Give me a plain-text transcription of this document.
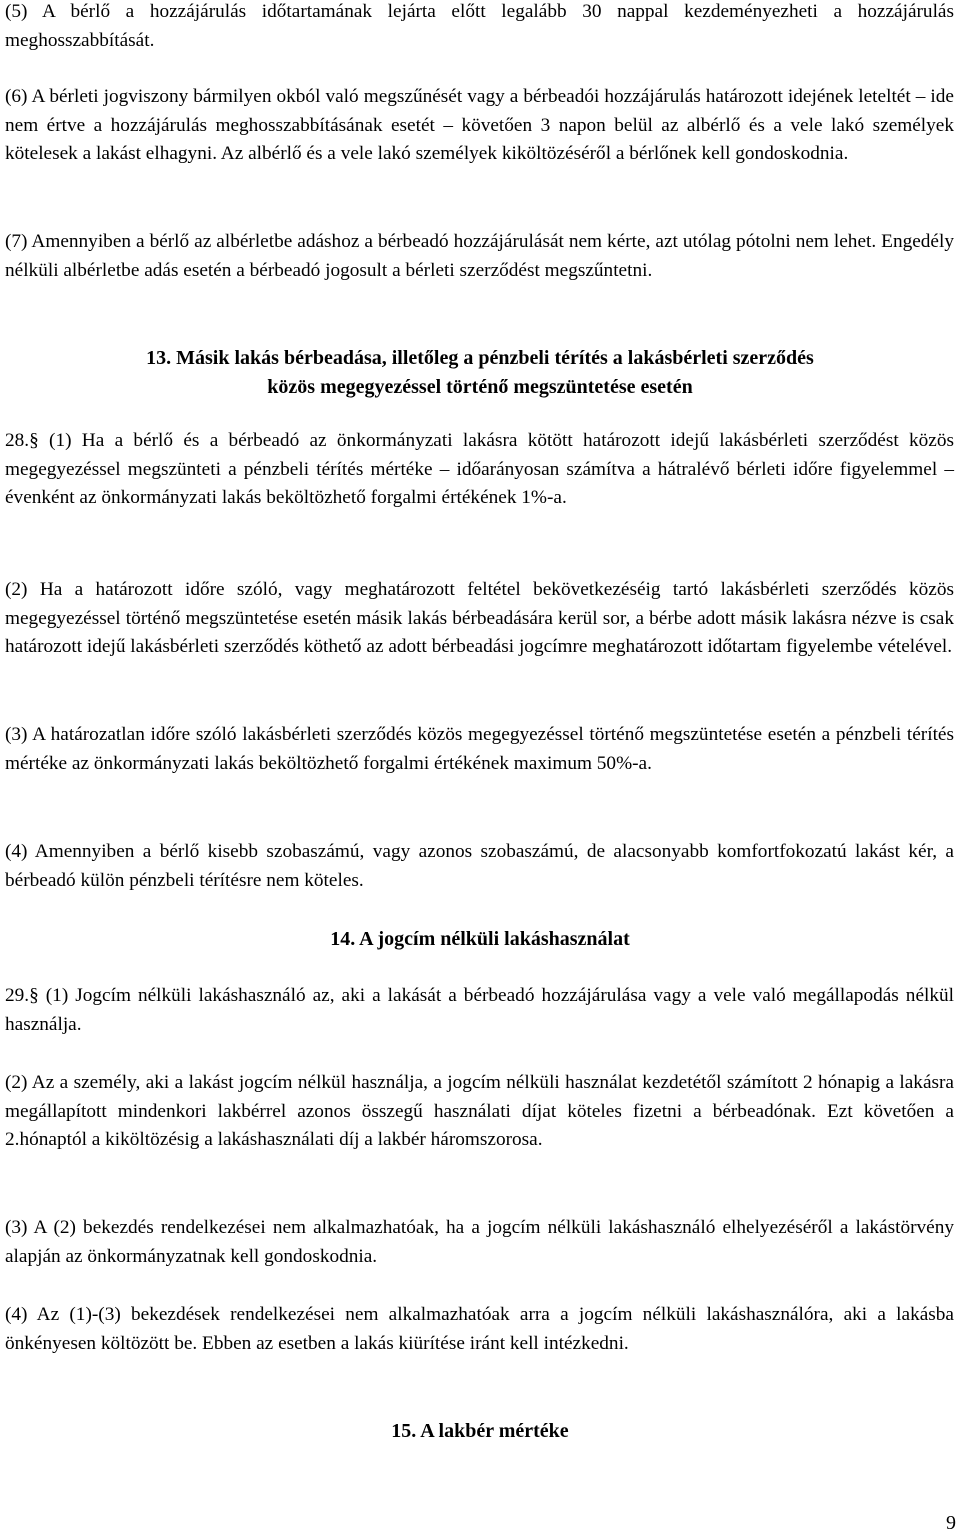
(5) A bérlő a hozzájárulás időtartamának lejárta előtt legalább 30 nappal kezdeményezheti a hozzájárulás meghosszabbítását.

(6) A bérleti jogviszony bármilyen okból való megszűnését vagy a bérbeadói hozzájárulás határozott idejének leteltét – ide nem értve a hozzájárulás meghosszabbításának esetét – követően 3 napon belül az albérlő és a vele lakó személyek kötelesek a lakást elhagyni. Az albérlő és a vele lakó személyek kiköltözéséről a bérlőnek kell gondoskodnia.

(7) Amennyiben a bérlő az albérletbe adáshoz a bérbeadó hozzájárulását nem kérte, azt utólag pótolni nem lehet. Engedély nélküli albérletbe adás esetén a bérbeadó jogosult a bérleti szerződést megszűntetni.

13. Másik lakás bérbeadása, illetőleg a pénzbeli térítés a lakásbérleti szerződés
közös megegyezéssel történő megszüntetése esetén

28.§ (1) Ha a bérlő és a bérbeadó az önkormányzati lakásra kötött határozott idejű lakásbérleti szerződést közös megegyezéssel megszünteti a pénzbeli térítés mértéke – időarányosan számítva a hátralévő bérleti időre figyelemmel – évenként az önkormányzati lakás beköltözhető forgalmi értékének 1%-a.

(2) Ha a határozott időre szóló, vagy meghatározott feltétel bekövetkezéséig tartó lakásbérleti szerződés közös megegyezéssel történő megszüntetése esetén másik lakás bérbeadására kerül sor, a bérbe adott másik lakásra nézve is csak határozott idejű lakásbérleti szerződés köthető az adott bérbeadási jogcímre meghatározott időtartam figyelembe vételével.

(3) A határozatlan időre szóló lakásbérleti szerződés közös megegyezéssel történő megszüntetése esetén a pénzbeli térítés mértéke az önkormányzati lakás beköltözhető forgalmi értékének maximum 50%-a.

(4) Amennyiben a bérlő kisebb szobaszámú, vagy azonos szobaszámú, de alacsonyabb komfortfokozatú lakást kér, a bérbeadó külön pénzbeli térítésre nem köteles.

14. A jogcím nélküli lakáshasználat

29.§ (1) Jogcím nélküli lakáshasználó az, aki a lakását a bérbeadó hozzájárulása vagy a vele való megállapodás nélkül használja.

(2) Az a személy, aki a lakást jogcím nélkül használja, a jogcím nélküli használat kezdetétől számított 2 hónapig a lakásra megállapított mindenkori lakbérrel azonos összegű használati díjat köteles fizetni a bérbeadónak. Ezt követően a 2.hónaptól a kiköltözésig a lakáshasználati díj a lakbér háromszorosa.

(3) A (2) bekezdés rendelkezései nem alkalmazhatóak, ha a jogcím nélküli lakáshasználó elhelyezéséről a lakástörvény alapján az önkormányzatnak kell gondoskodnia.

(4) Az (1)-(3) bekezdések rendelkezései nem alkalmazhatóak arra a jogcím nélküli lakáshasználóra, aki a lakásba önkényesen költözött be. Ebben az esetben a lakás kiürítése iránt kell intézkedni.

15. A lakbér mértéke
9
